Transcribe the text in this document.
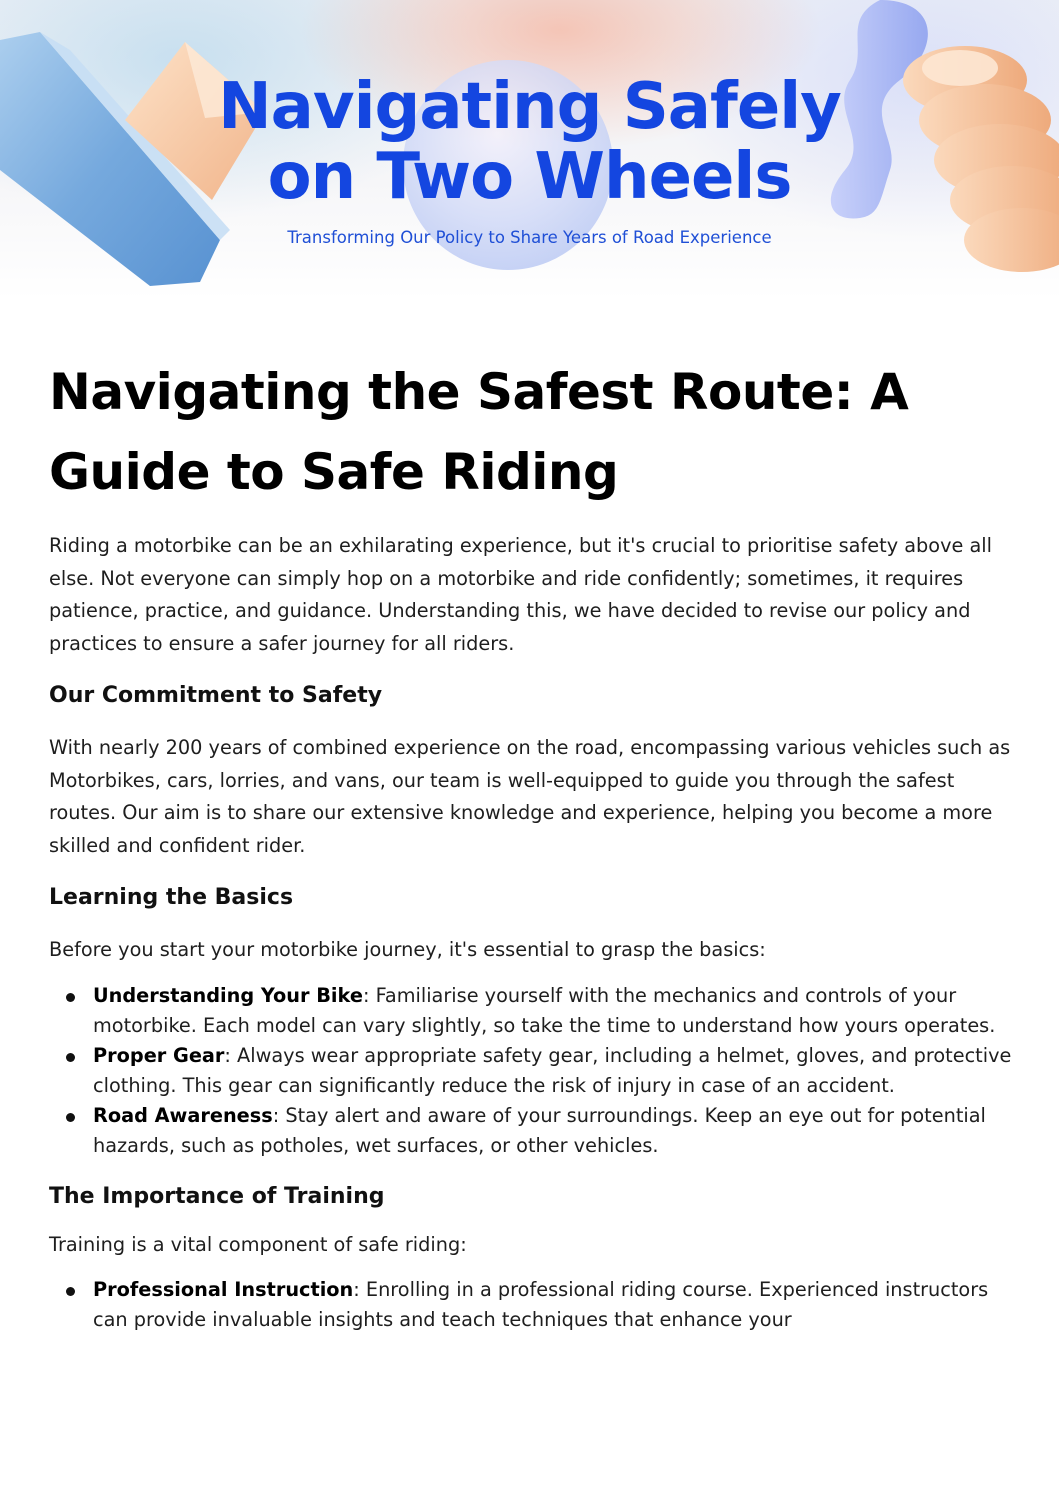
Navigating Safely
on Two Wheels
Transforming Our Policy to Share Years of Road Experience
Navigating the Safest Route: A
Guide to Safe Riding

Riding a motorbike can be an exhilarating experience, but it's crucial to prioritise safety above all else. Not everyone can simply hop on a motorbike and ride confidently; sometimes, it requires patience, practice, and guidance. Understanding this, we have decided to revise our policy and practices to ensure a safer journey for all riders.

Our Commitment to Safety

With nearly 200 years of combined experience on the road, encompassing various vehicles such as Motorbikes, cars, lorries, and vans, our team is well-equipped to guide you through the safest routes. Our aim is to share our extensive knowledge and experience, helping you become a more skilled and confident rider.

Learning the Basics

Before you start your motorbike journey, it's essential to grasp the basics:

Understanding Your Bike: Familiarise yourself with the mechanics and controls of your motorbike. Each model can vary slightly, so take the time to understand how yours operates.
Proper Gear: Always wear appropriate safety gear, including a helmet, gloves, and protective clothing. This gear can significantly reduce the risk of injury in case of an accident.
Road Awareness: Stay alert and aware of your surroundings. Keep an eye out for potential hazards, such as potholes, wet surfaces, or other vehicles.
The Importance of Training

Training is a vital component of safe riding:

Professional Instruction: Enrolling in a professional riding course. Experienced instructors can provide invaluable insights and teach techniques that enhance your
